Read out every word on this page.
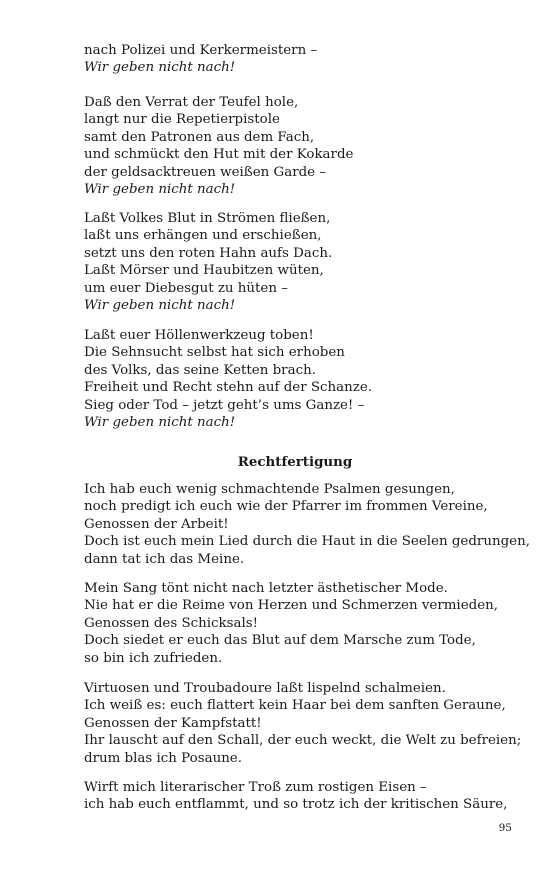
nach Polizei und Kerkermeistern –
Wir geben nicht nach!
Daß den Verrat der Teufel hole,
langt nur die Repetierpistole
samt den Patronen aus dem Fach,
und schmückt den Hut mit der Kokarde
der geldsacktreuen weißen Garde –
Wir geben nicht nach!
Laßt Volkes Blut in Strömen fließen,
laßt uns erhängen und erschießen,
setzt uns den roten Hahn aufs Dach.
Laßt Mörser und Haubitzen wüten,
um euer Diebesgut zu hüten –
Wir geben nicht nach!
Laßt euer Höllenwerkzeug toben!
Die Sehnsucht selbst hat sich erhoben
des Volks, das seine Ketten brach.
Freiheit und Recht stehn auf der Schanze.
Sieg oder Tod – jetzt geht’s ums Ganze! –
Wir geben nicht nach!
Rechtfertigung
Ich hab euch wenig schmachtende Psalmen gesungen,
noch predigt ich euch wie der Pfarrer im frommen Vereine,
Genossen der Arbeit!
Doch ist euch mein Lied durch die Haut in die Seelen gedrungen,
dann tat ich das Meine.
Mein Sang tönt nicht nach letzter ästhetischer Mode.
Nie hat er die Reime von Herzen und Schmerzen vermieden,
Genossen des Schicksals!
Doch siedet er euch das Blut auf dem Marsche zum Tode,
so bin ich zufrieden.
Virtuosen und Troubadoure laßt lispelnd schalmeien.
Ich weiß es: euch flattert kein Haar bei dem sanften Geraune,
Genossen der Kampfstatt!
Ihr lauscht auf den Schall, der euch weckt, die Welt zu befreien;
drum blas ich Posaune.
Wirft mich literarischer Troß zum rostigen Eisen –
ich hab euch entflammt, und so trotz ich der kritischen Säure,
95
